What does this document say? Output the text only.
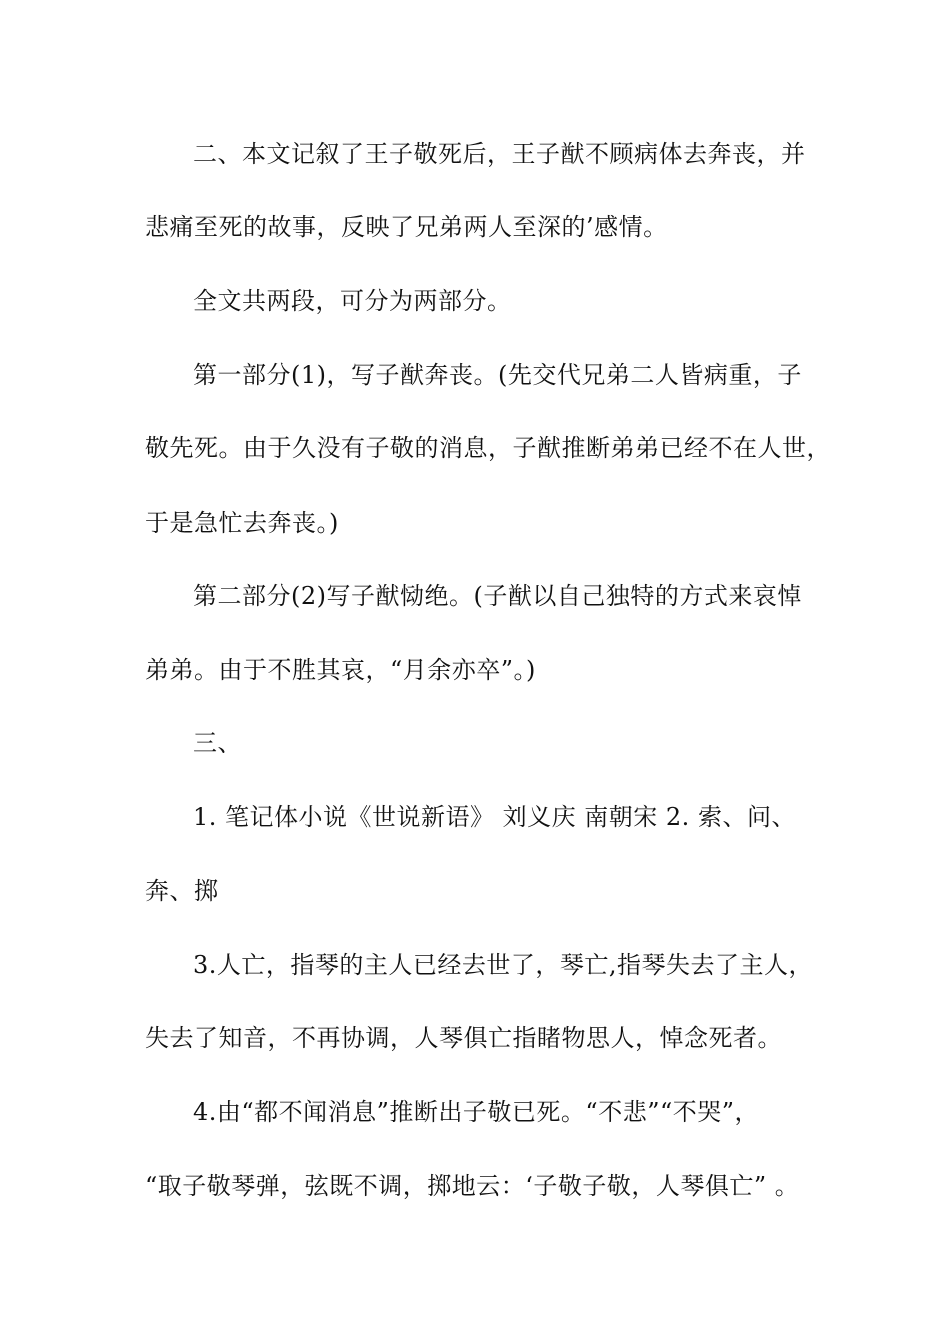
二、本文记叙了王子敬死后，王子猷不顾病体去奔丧，并
悲痛至死的故事，反映了兄弟两人至深的’感情。
全文共两段，可分为两部分。
第一部分(1)，写子猷奔丧。(先交代兄弟二人皆病重，子
敬先死。由于久没有子敬的消息，子猷推断弟弟已经不在人世，
于是急忙去奔丧。)
第二部分(2)写子猷恸绝。(子猷以自己独特的方式来哀悼
弟弟。由于不胜其哀，“月余亦卒”。)
三、
1. 笔记体小说《世说新语》 刘义庆 南朝宋 2. 索、问、
奔、掷
3.人亡，指琴的主人已经去世了，琴亡,指琴失去了主人，
失去了知音，不再协调，人琴俱亡指睹物思人，悼念死者。
4.由“都不闻消息”推断出子敬已死。“不悲”“不哭”，
“取子敬琴弹，弦既不调，掷地云：‘子敬子敬，人琴俱亡” 。
